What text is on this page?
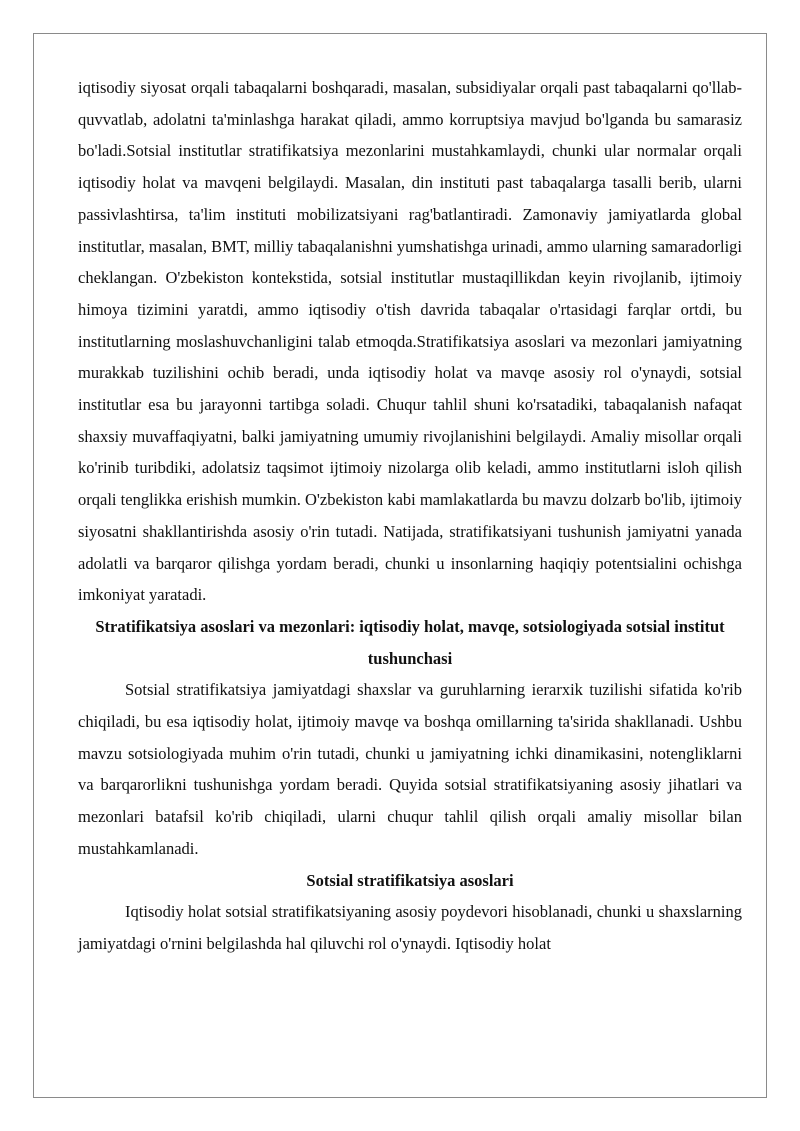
iqtisodiy siyosat orqali tabaqalarni boshqaradi, masalan, subsidiyalar orqali past tabaqalarni qo'llab-quvvatlab, adolatni ta'minlashga harakat qiladi, ammo korruptsiya mavjud bo'lganda bu samarasiz bo'ladi.Sotsial institutlar stratifikatsiya mezonlarini mustahkamlaydi, chunki ular normalar orqali iqtisodiy holat va mavqeni belgilaydi. Masalan, din instituti past tabaqalarga tasalli berib, ularni passivlashtirsa, ta'lim instituti mobilizatsiyani rag'batlantiradi. Zamonaviy jamiyatlarda global institutlar, masalan, BMT, milliy tabaqalanishni yumshatishga urinadi, ammo ularning samaradorligi cheklangan. O'zbekiston kontekstida, sotsial institutlar mustaqillikdan keyin rivojlanib, ijtimoiy himoya tizimini yaratdi, ammo iqtisodiy o'tish davrida tabaqalar o'rtasidagi farqlar ortdi, bu institutlarning moslashuvchanligini talab etmoqda.Stratifikatsiya asoslari va mezonlari jamiyatning murakkab tuzilishini ochib beradi, unda iqtisodiy holat va mavqe asosiy rol o'ynaydi, sotsial institutlar esa bu jarayonni tartibga soladi. Chuqur tahlil shuni ko'rsatadiki, tabaqalanish nafaqat shaxsiy muvaffaqiyatni, balki jamiyatning umumiy rivojlanishini belgilaydi. Amaliy misollar orqali ko'rinib turibdiki, adolatsiz taqsimot ijtimoiy nizolarga olib keladi, ammo institutlarni isloh qilish orqali tenglikka erishish mumkin. O'zbekiston kabi mamlakatlarda bu mavzu dolzarb bo'lib, ijtimoiy siyosatni shakllantirishda asosiy o'rin tutadi. Natijada, stratifikatsiyani tushunish jamiyatni yanada adolatli va barqaror qilishga yordam beradi, chunki u insonlarning haqiqiy potentsialini ochishga imkoniyat yaratadi.

Stratifikatsiya asoslari va mezonlari: iqtisodiy holat, mavqe, sotsiologiyada sotsial institut tushunchasi

Sotsial stratifikatsiya jamiyatdagi shaxslar va guruhlarning ierarxik tuzilishi sifatida ko'rib chiqiladi, bu esa iqtisodiy holat, ijtimoiy mavqe va boshqa omillarning ta'sirida shakllanadi. Ushbu mavzu sotsiologiyada muhim o'rin tutadi, chunki u jamiyatning ichki dinamikasini, notengliklarni va barqarorlikni tushunishga yordam beradi. Quyida sotsial stratifikatsiyaning asosiy jihatlari va mezonlari batafsil ko'rib chiqiladi, ularni chuqur tahlil qilish orqali amaliy misollar bilan mustahkamlanadi.

Sotsial stratifikatsiya asoslari

Iqtisodiy holat sotsial stratifikatsiyaning asosiy poydevori hisoblanadi, chunki u shaxslarning jamiyatdagi o'rnini belgilashda hal qiluvchi rol o'ynaydi. Iqtisodiy holat
